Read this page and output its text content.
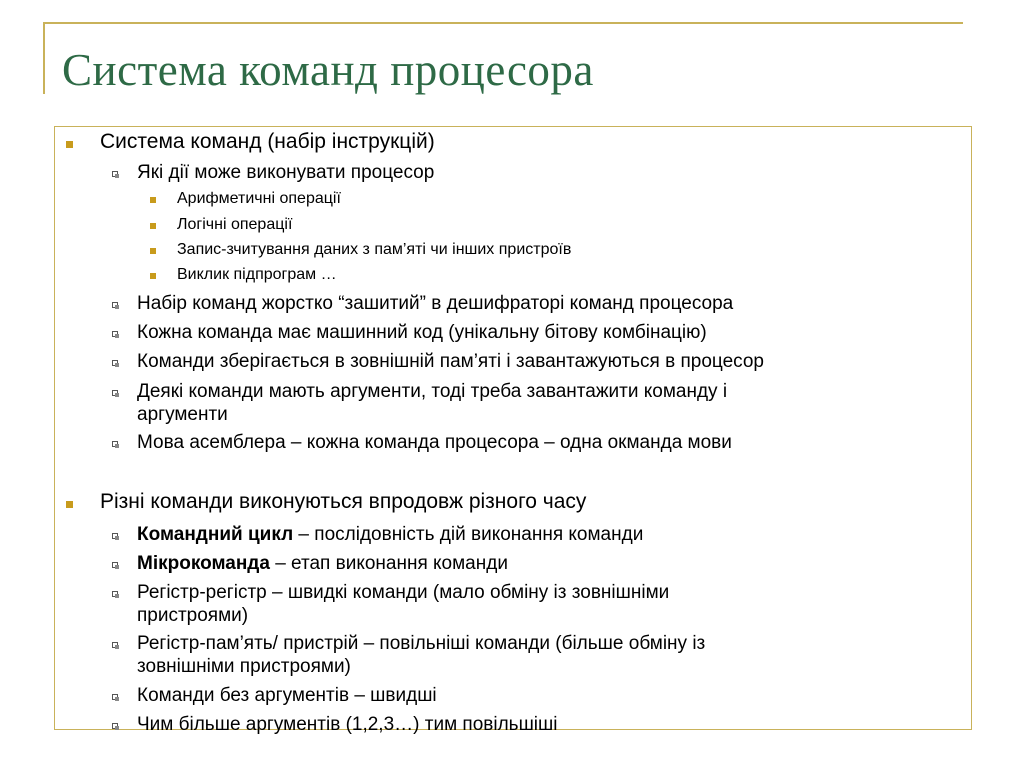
Система команд процесора
Система команд (набір інструкцій)
Які дії може виконувати процесор
Арифметичні операції
Логічні операції
Запис-зчитування даних з пам’яті чи інших пристроїв
Виклик підпрограм …
Набір команд жорстко “зашитий” в дешифраторі команд процесора
Кожна команда має машинний код (унікальну бітову комбінацію)
Команди зберігається в зовнішній пам’яті і завантажуються в процесор
Деякі команди мають аргументи, тоді треба завантажити команду і
аргументи
Мова асемблера – кожна команда процесора – одна окманда мови
Різні команди виконуються впродовж різного часу
Командний цикл – послідовність дій виконання команди
Мікрокоманда – етап виконання команди
Регістр-регістр – швидкі команди (мало обміну із зовнішніми
пристроями)
Регістр-пам’ять/ пристрій – повільніші команди (більше обміну із
зовнішніми пристроями)
Команди без аргументів – швидші
Чим більше аргументів (1,2,3…) тим повільшіші
